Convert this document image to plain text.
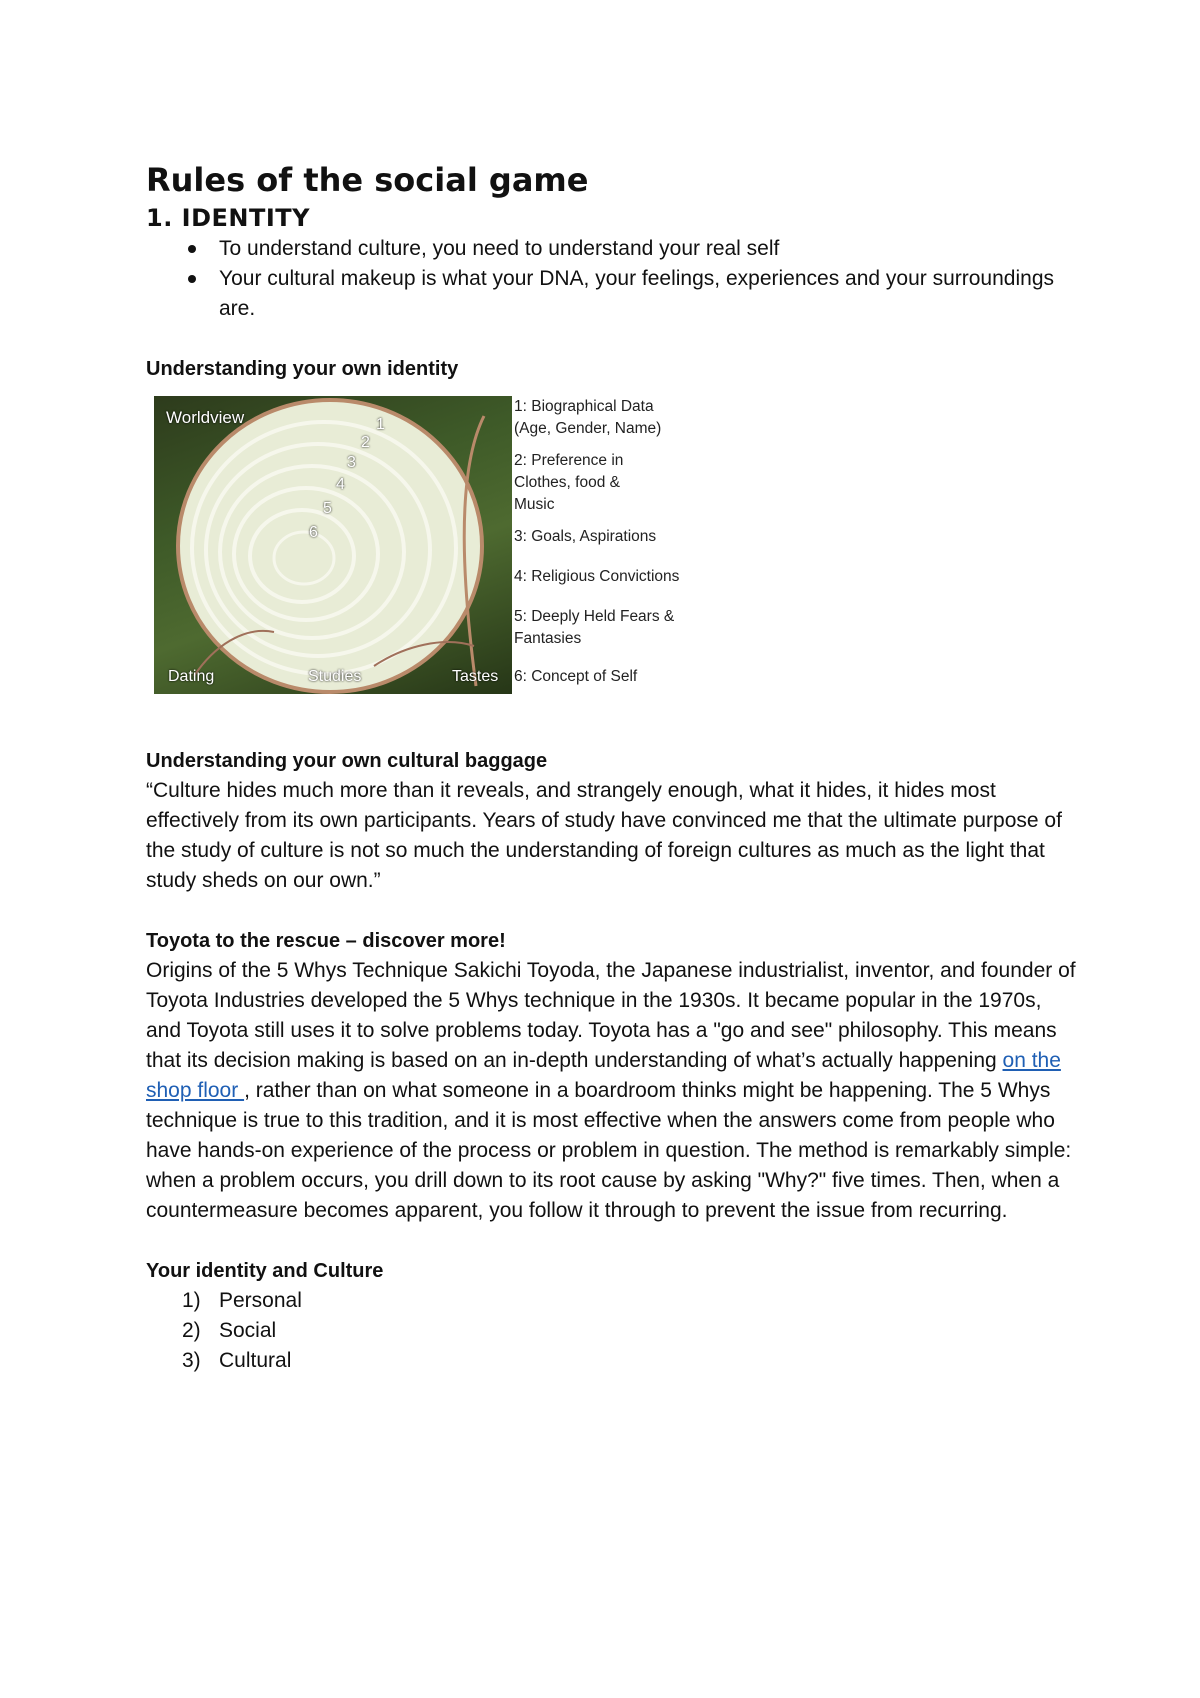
Rules of the social game
1. IDENTITY
To understand culture, you need to understand your real self
Your cultural makeup is what your DNA, your feelings, experiences and your surroundings are.

Understanding your own identity

Worldview
Dating	Studies	Tastes
1
2
3
4
5
6
1: Biographical Data
(Age, Gender, Name)
2: Preference in
Clothes, food &
Music
3: Goals, Aspirations
4: Religious Convictions
5: Deeply Held Fears &
Fantasies
6: Concept of Self

Understanding your own cultural baggage

“Culture hides much more than it reveals, and strangely enough, what it hides, it hides most effectively from its own participants. Years of study have convinced me that the ultimate purpose of the study of culture is not so much the understanding of foreign cultures as much as the light that study sheds on our own.”

Toyota to the rescue – discover more!

Origins of the 5 Whys Technique Sakichi Toyoda, the Japanese industrialist, inventor, and founder of Toyota Industries developed the 5 Whys technique in the 1930s. It became popular in the 1970s, and Toyota still uses it to solve problems today. Toyota has a "go and see" philosophy. This means that its decision making is based on an in-depth understanding of what’s actually happening on the shop floor , rather than on what someone in a boardroom thinks might be happening. The 5 Whys technique is true to this tradition, and it is most effective when the answers come from people who have hands-on experience of the process or problem in question. The method is remarkably simple: when a problem occurs, you drill down to its root cause by asking "Why?" five times. Then, when a countermeasure becomes apparent, you follow it through to prevent the issue from recurring.

Your identity and Culture

1) Personal
2) Social
3) Cultural
